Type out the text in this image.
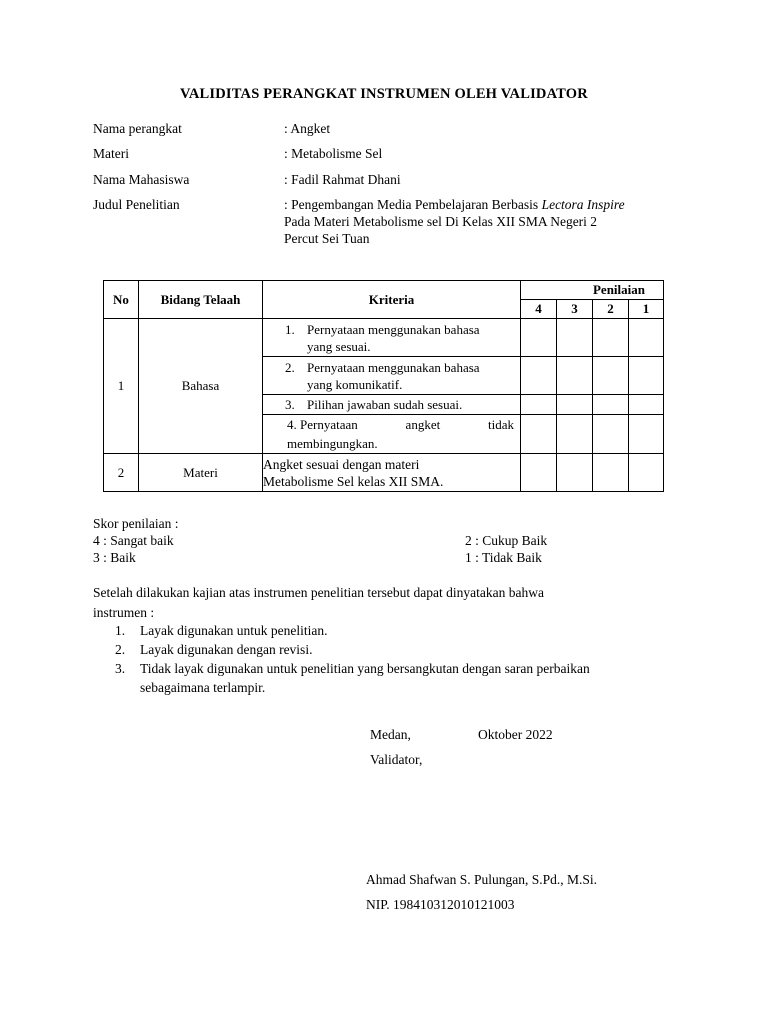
VALIDITAS PERANGKAT INSTRUMEN OLEH VALIDATOR
Nama perangkat	: Angket
Materi	: Metabolisme Sel
Nama Mahasiswa	: Fadil Rahmat Dhani
Judul Penelitian	: Pengembangan Media Pembelajaran Berbasis Lectora Inspire
Pada Materi Metabolisme sel Di Kelas XII SMA Negeri 2
Percut Sei Tuan
No	Bidang Telaah	Kriteria	Penilaian			
			4	3	2	1
1	Bahasa	1. Pernyataan menggunakan bahasa
yang sesuai.				

		2. Pernyataan menggunakan bahasa
yang komunikatif.				

		3. Pilihan jawaban sudah sesuai.				

		4. Pernyataan angket tidak
membingungkan.				

2	Materi	Angket sesuai dengan materi
Metabolisme Sel kelas XII SMA.				
Skor penilaian :
4 : Sangat baik	2 : Cukup Baik
3 : Baik	1 : Tidak Baik
Setelah dilakukan kajian atas instrumen penelitian tersebut dapat dinyatakan bahwa
instrumen :
1. Layak digunakan untuk penelitian.
2. Layak digunakan dengan revisi.
3. Tidak layak digunakan untuk penelitian yang bersangkutan dengan saran perbaikan
sebagaimana terlampir.
Medan,	Oktober 2022
Validator,
Ahmad Shafwan S. Pulungan, S.Pd., M.Si.
NIP. 198410312010121003
